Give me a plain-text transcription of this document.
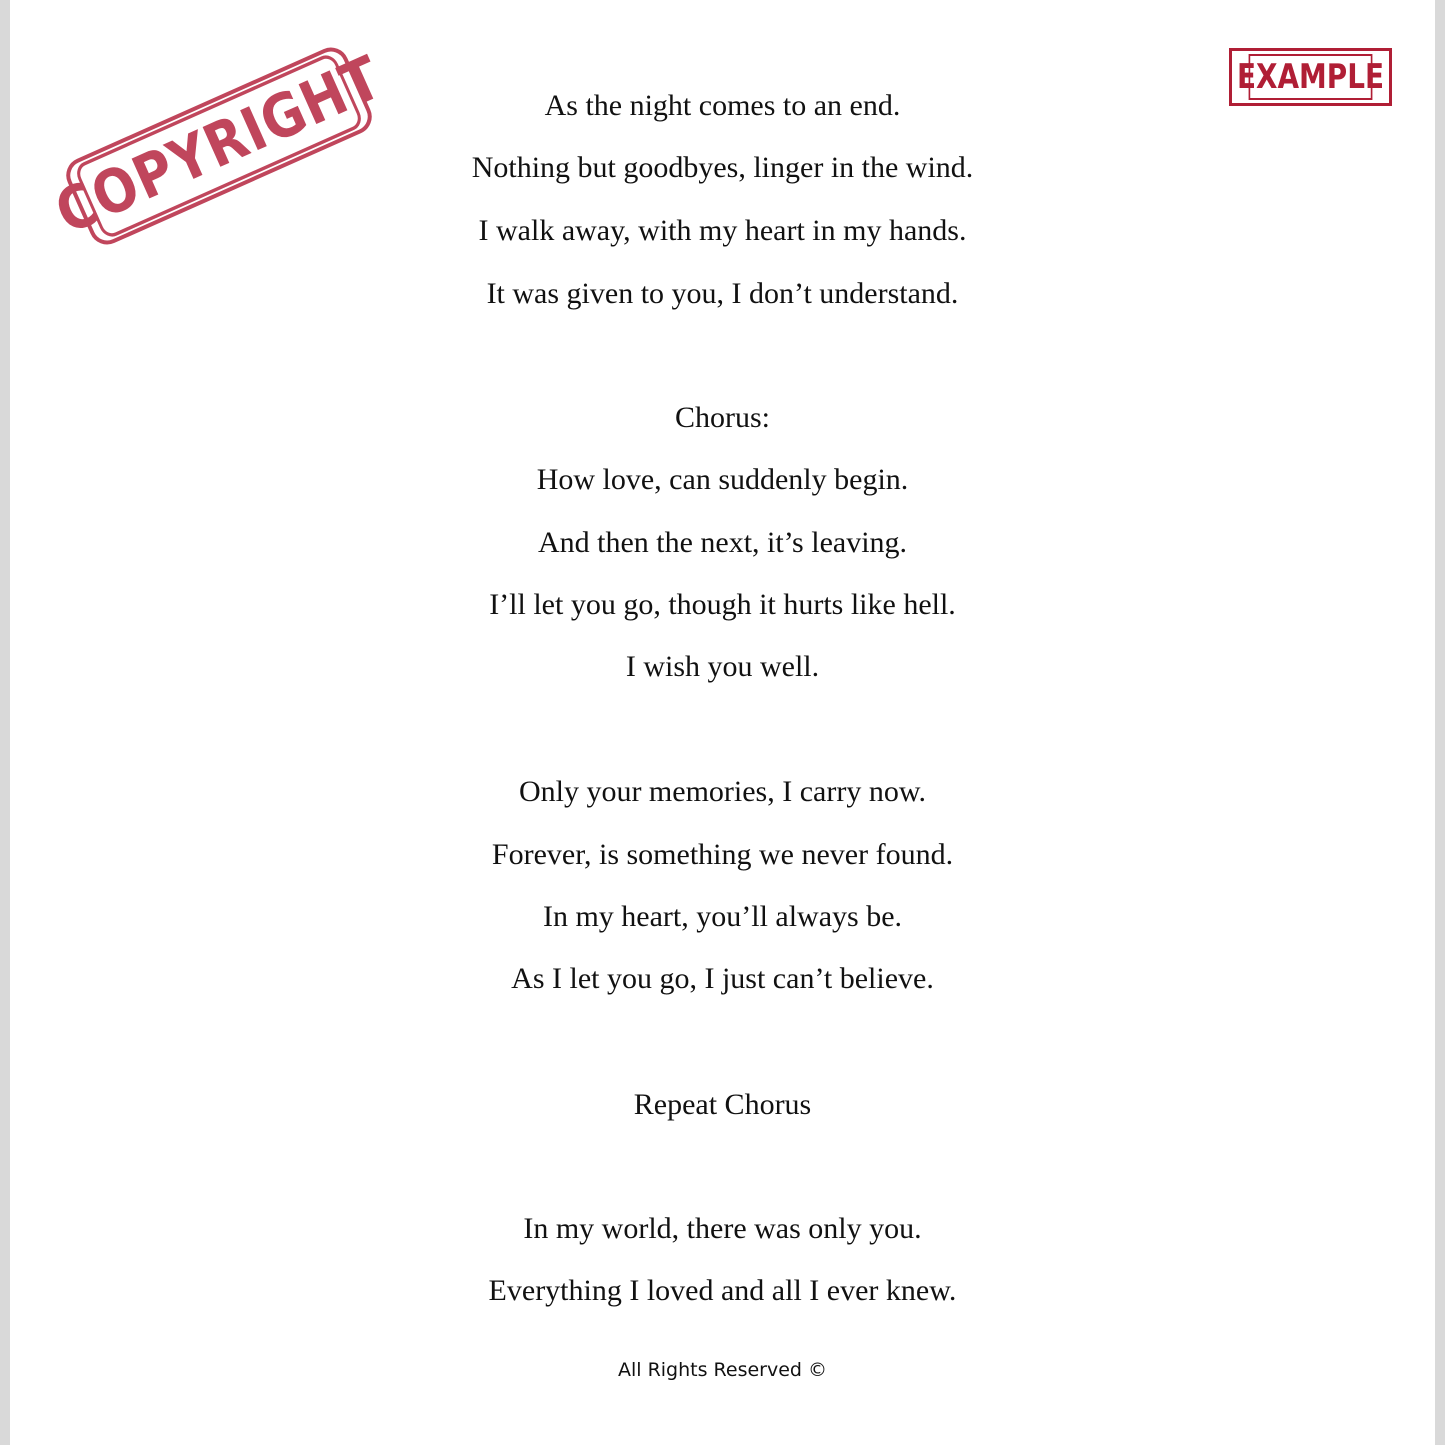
COPYRIGHT	EXAMPLE
As the night comes to an end.
Nothing but goodbyes, linger in the wind.
I walk away, with my heart in my hands.
It was given to you, I don’t understand.
Chorus:
How love, can suddenly begin.
And then the next, it’s leaving.
I’ll let you go, though it hurts like hell.
I wish you well.
Only your memories, I carry now.
Forever, is something we never found.
In my heart, you’ll always be.
As I let you go, I just can’t believe.
Repeat Chorus
In my world, there was only you.
Everything I loved and all I ever knew.
All Rights Reserved ©
